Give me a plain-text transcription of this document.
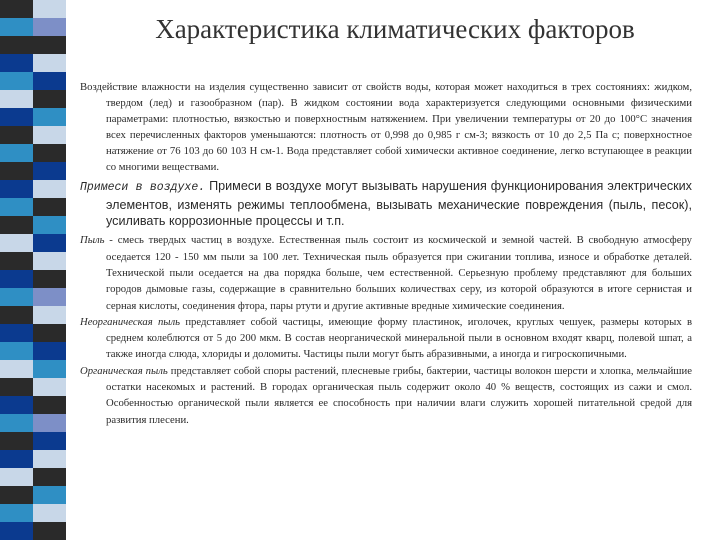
Характеристика климатических факторов

Воздействие влажности на изделия существенно зависит от свойств воды, которая может находиться в трех состояниях: жидком, твердом (лед) и газообразном (пар). В жидком состоянии вода характеризуется следующими основными физическими параметрами: плотностью, вязкостью и поверхностным натяжением. При увеличении температуры от 20 до 100°С значения всех перечисленных факторов уменьшаются: плотность от 0,998 до 0,985 г см-3; вязкость от 10 до 2,5 Па с; поверхностное натяжение от 76 103 до 60 103 Н см-1. Вода представляет собой химически активное соединение, легко вступающее в реакции со многими веществами.

Примеси в воздухе. Примеси в воздухе могут вызывать нарушения функционирования электрических элементов, изменять режимы теплообмена, вызывать механические повреждения (пыль, песок), усиливать коррозионные процессы и т.п.

Пыль - смесь твердых частиц в воздухе. Естественная пыль состоит из космической и земной частей. В свободную атмосферу оседается 120 - 150 мм пыли за 100 лет. Техническая пыль образуется при сжигании топлива, износе и обработке деталей. Технической пыли оседается на два порядка больше, чем естественной. Серьезную проблему представляют для больших городов дымовые газы, содержащие в сравнительно больших количествах серу, из которой образуются в итоге сернистая и серная кислоты, соединения фтора, пары ртути и другие активные вредные химические соединения.

Неорганическая пыль представляет собой частицы, имеющие форму пластинок, иголочек, круглых чешуек, размеры которых в среднем колеблются от 5 до 200 мкм. В состав неорганической минеральной пыли в основном входят кварц, полевой шпат, а также иногда слюда, хлориды и доломиты. Частицы пыли могут быть абразивными, а иногда и гигроскопичными.

Органическая пыль представляет собой споры растений, плесневые грибы, бактерии, частицы волокон шерсти и хлопка, мельчайшие остатки насекомых и растений. В городах органическая пыль содержит около 40 % веществ, состоящих из сажи и смол. Особенностью органической пыли является ее способность при наличии влаги служить хорошей питательной средой для развития плесени.
